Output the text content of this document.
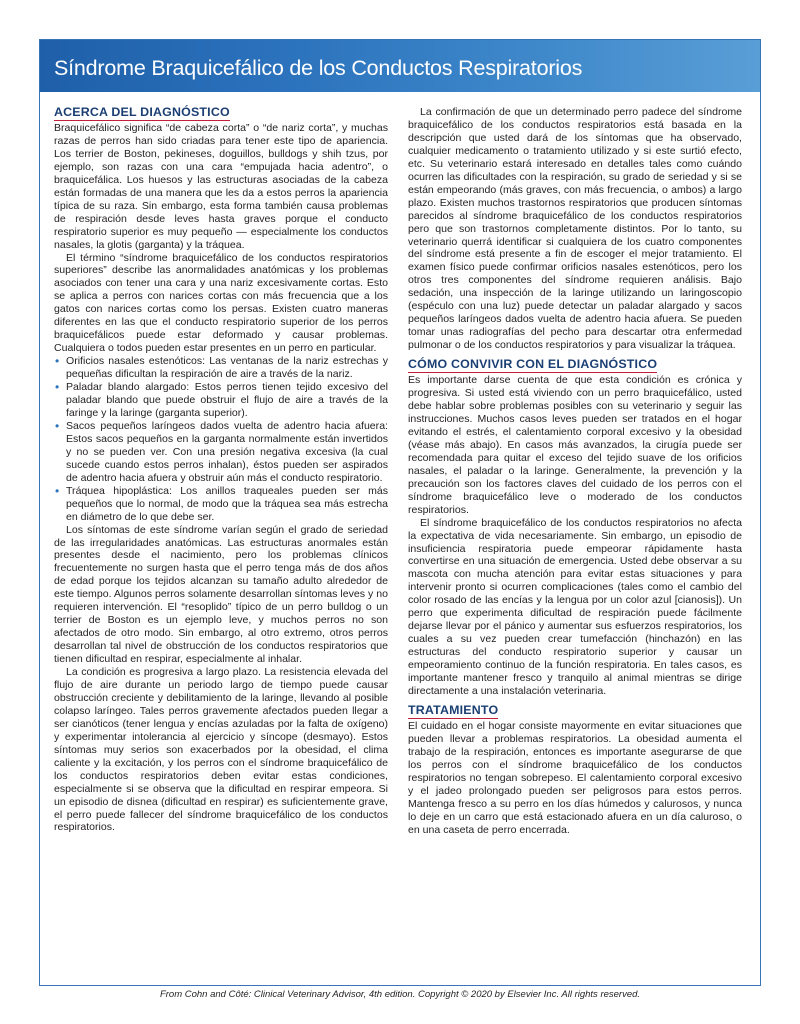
Síndrome Braquicefálico de los Conductos Respiratorios
ACERCA DEL DIAGNÓSTICO

Braquicefálico significa “de cabeza corta” o “de nariz corta”, y muchas razas de perros han sido criadas para tener este tipo de apariencia. Los terrier de Boston, pekineses, doguillos, bulldogs y shih tzus, por ejemplo, son razas con una cara “empujada hacia adentro”, o braquicefálica. Los huesos y las estructuras asociadas de la cabeza están formadas de una manera que les da a estos perros la apariencia típica de su raza. Sin embargo, esta forma también causa problemas de respiración desde leves hasta graves porque el conducto respiratorio superior es muy pequeño — especialmente los conductos nasales, la glotis (garganta) y la tráquea.

El término “síndrome braquicefálico de los conductos respiratorios superiores” describe las anormalidades anatómicas y los problemas asociados con tener una cara y una nariz excesivamente cortas. Esto se aplica a perros con narices cortas con más frecuencia que a los gatos con narices cortas como los persas. Existen cuatro maneras diferentes en las que el conducto respiratorio superior de los perros braquicefálicos puede estar deformado y causar problemas. Cualquiera o todos pueden estar presentes en un perro en particular.

• Orificios nasales estenóticos: Las ventanas de la nariz estrechas y pequeñas dificultan la respiración de aire a través de la nariz.
• Paladar blando alargado: Estos perros tienen tejido excesivo del paladar blando que puede obstruir el flujo de aire a través de la faringe y la laringe (garganta superior).
• Sacos pequeños laríngeos dados vuelta de adentro hacia afuera: Estos sacos pequeños en la garganta normalmente están invertidos y no se pueden ver. Con una presión negativa excesiva (la cual sucede cuando estos perros inhalan), éstos pueden ser aspirados de adentro hacia afuera y obstruir aún más el conducto respiratorio.
• Tráquea hipoplástica: Los anillos traqueales pueden ser más pequeños que lo normal, de modo que la tráquea sea más estrecha en diámetro de lo que debe ser.

Los síntomas de este síndrome varían según el grado de seriedad de las irregularidades anatómicas. Las estructuras anormales están presentes desde el nacimiento, pero los problemas clínicos frecuentemente no surgen hasta que el perro tenga más de dos años de edad porque los tejidos alcanzan su tamaño adulto alrededor de este tiempo. Algunos perros solamente desarrollan síntomas leves y no requieren intervención. El “resoplido” típico de un perro bulldog o un terrier de Boston es un ejemplo leve, y muchos perros no son afectados de otro modo. Sin embargo, al otro extremo, otros perros desarrollan tal nivel de obstrucción de los conductos respiratorios que tienen dificultad en respirar, especialmente al inhalar.

La condición es progresiva a largo plazo. La resistencia elevada del flujo de aire durante un periodo largo de tiempo puede causar obstrucción creciente y debilitamiento de la laringe, llevando al posible colapso laríngeo. Tales perros gravemente afectados pueden llegar a ser cianóticos (tener lengua y encías azuladas por la falta de oxígeno) y experimentar intolerancia al ejercicio y síncope (desmayo). Estos síntomas muy serios son exacerbados por la obesidad, el clima caliente y la excitación, y los perros con el síndrome braquicefálico de los conductos respiratorios deben evitar estas condiciones, especialmente si se observa que la dificultad en respirar empeora. Si un episodio de disnea (dificultad en respirar) es suficientemente grave, el perro puede fallecer del síndrome braquicefálico de los conductos respiratorios.

La confirmación de que un determinado perro padece del síndrome braquicefálico de los conductos respiratorios está basada en la descripción que usted dará de los síntomas que ha observado, cualquier medicamento o tratamiento utilizado y si este surtió efecto, etc. Su veterinario estará interesado en detalles tales como cuándo ocurren las dificultades con la respiración, su grado de seriedad y si se están empeorando (más graves, con más frecuencia, o ambos) a largo plazo. Existen muchos trastornos respiratorios que producen síntomas parecidos al síndrome braquicefálico de los conductos respiratorios pero que son trastornos completamente distintos. Por lo tanto, su veterinario querrá identificar si cualquiera de los cuatro componentes del síndrome está presente a fin de escoger el mejor tratamiento. El examen físico puede confirmar orificios nasales estenóticos, pero los otros tres componentes del síndrome requieren análisis. Bajo sedación, una inspección de la laringe utilizando un laringoscopio (espéculo con una luz) puede detectar un paladar alargado y sacos pequeños laríngeos dados vuelta de adentro hacia afuera. Se pueden tomar unas radiografías del pecho para descartar otra enfermedad pulmonar o de los conductos respiratorios y para visualizar la tráquea.

CÓMO CONVIVIR CON EL DIAGNÓSTICO

Es importante darse cuenta de que esta condición es crónica y progresiva. Si usted está viviendo con un perro braquicefálico, usted debe hablar sobre problemas posibles con su veterinario y seguir las instrucciones. Muchos casos leves pueden ser tratados en el hogar evitando el estrés, el calentamiento corporal excesivo y la obesidad (véase más abajo). En casos más avanzados, la cirugía puede ser recomendada para quitar el exceso del tejido suave de los orificios nasales, el paladar o la laringe. Generalmente, la prevención y la precaución son los factores claves del cuidado de los perros con el síndrome braquicefálico leve o moderado de los conductos respiratorios.

El síndrome braquicefálico de los conductos respiratorios no afecta la expectativa de vida necesariamente. Sin embargo, un episodio de insuficiencia respiratoria puede empeorar rápidamente hasta convertirse en una situación de emergencia. Usted debe observar a su mascota con mucha atención para evitar estas situaciones y para intervenir pronto si ocurren complicaciones (tales como el cambio del color rosado de las encías y la lengua por un color azul [cianosis]). Un perro que experimenta dificultad de respiración puede fácilmente dejarse llevar por el pánico y aumentar sus esfuerzos respiratorios, los cuales a su vez pueden crear tumefacción (hinchazón) en las estructuras del conducto respiratorio superior y causar un empeoramiento continuo de la función respiratoria. En tales casos, es importante mantener fresco y tranquilo al animal mientras se dirige directamente a una instalación veterinaria.

TRATAMIENTO

El cuidado en el hogar consiste mayormente en evitar situaciones que pueden llevar a problemas respiratorios. La obesidad aumenta el trabajo de la respiración, entonces es importante asegurarse de que los perros con el síndrome braquicefálico de los conductos respiratorios no tengan sobrepeso. El calentamiento corporal excesivo y el jadeo prolongado pueden ser peligrosos para estos perros. Mantenga fresco a su perro en los días húmedos y calurosos, y nunca lo deje en un carro que está estacionado afuera en un día caluroso, o en una caseta de perro encerrada.

From Cohn and Côté: Clinical Veterinary Advisor, 4th edition. Copyright © 2020 by Elsevier Inc. All rights reserved.
